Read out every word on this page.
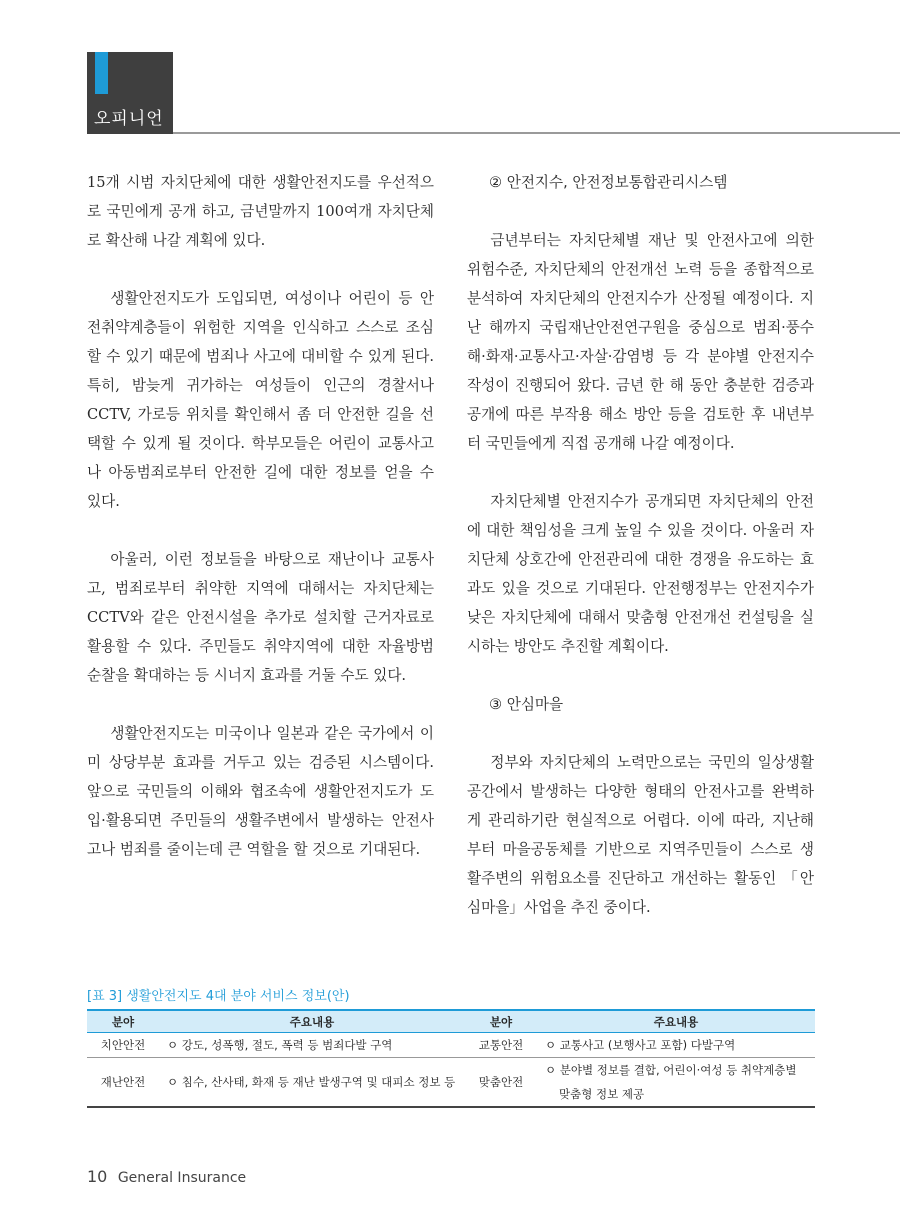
오피니언

15개 시범 자치단체에 대한 생활안전지도를 우선적으로 국민에게 공개 하고, 금년말까지 100여개 자치단체로 확산해 나갈 계획에 있다.

생활안전지도가 도입되면, 여성이나 어린이 등 안전취약계층들이 위험한 지역을 인식하고 스스로 조심할 수 있기 때문에 범죄나 사고에 대비할 수 있게 된다. 특히, 밤늦게 귀가하는 여성들이 인근의 경찰서나 CCTV, 가로등 위치를 확인해서 좀 더 안전한 길을 선택할 수 있게 될 것이다. 학부모들은 어린이 교통사고나 아동범죄로부터 안전한 길에 대한 정보를 얻을 수 있다.

아울러, 이런 정보들을 바탕으로 재난이나 교통사고, 범죄로부터 취약한 지역에 대해서는 자치단체는 CCTV와 같은 안전시설을 추가로 설치할 근거자료로 활용할 수 있다. 주민들도 취약지역에 대한 자율방범 순찰을 확대하는 등 시너지 효과를 거둘 수도 있다.

생활안전지도는 미국이나 일본과 같은 국가에서 이미 상당부분 효과를 거두고 있는 검증된 시스템이다. 앞으로 국민들의 이해와 협조속에 생활안전지도가 도입·활용되면 주민들의 생활주변에서 발생하는 안전사고나 범죄를 줄이는데 큰 역할을 할 것으로 기대된다.

② 안전지수, 안전정보통합관리시스템

금년부터는 자치단체별 재난 및 안전사고에 의한 위험수준, 자치단체의 안전개선 노력 등을 종합적으로 분석하여 자치단체의 안전지수가 산정될 예정이다. 지난 해까지 국립재난안전연구원을 중심으로 범죄·풍수해·화재·교통사고·자살·감염병 등 각 분야별 안전지수 작성이 진행되어 왔다. 금년 한 해 동안 충분한 검증과 공개에 따른 부작용 해소 방안 등을 검토한 후 내년부터 국민들에게 직접 공개해 나갈 예정이다.

자치단체별 안전지수가 공개되면 자치단체의 안전에 대한 책임성을 크게 높일 수 있을 것이다. 아울러 자치단체 상호간에 안전관리에 대한 경쟁을 유도하는 효과도 있을 것으로 기대된다. 안전행정부는 안전지수가 낮은 자치단체에 대해서 맞춤형 안전개선 컨설팅을 실시하는 방안도 추진할 계획이다.

③ 안심마을

정부와 자치단체의 노력만으로는 국민의 일상생활 공간에서 발생하는 다양한 형태의 안전사고를 완벽하게 관리하기란 현실적으로 어렵다. 이에 따라, 지난해부터 마을공동체를 기반으로 지역주민들이 스스로 생활주변의 위험요소를 진단하고 개선하는 활동인 「안심마을」사업을 추진 중이다.

[표 3] 생활안전지도 4대 분야 서비스 정보(안)
분야	주요내용	분야	주요내용
치안안전	ㅇ 강도, 성폭행, 절도, 폭력 등 범죄다발 구역	교통안전	ㅇ 교통사고 (보행사고 포함) 다발구역
재난안전	ㅇ 침수, 산사태, 화재 등 재난 발생구역 및 대피소 정보 등	맞춤안전	ㅇ 분야별 정보를 결합, 어린이·여성 등 취약계층별
맞춤형 정보 제공
10 General Insurance
